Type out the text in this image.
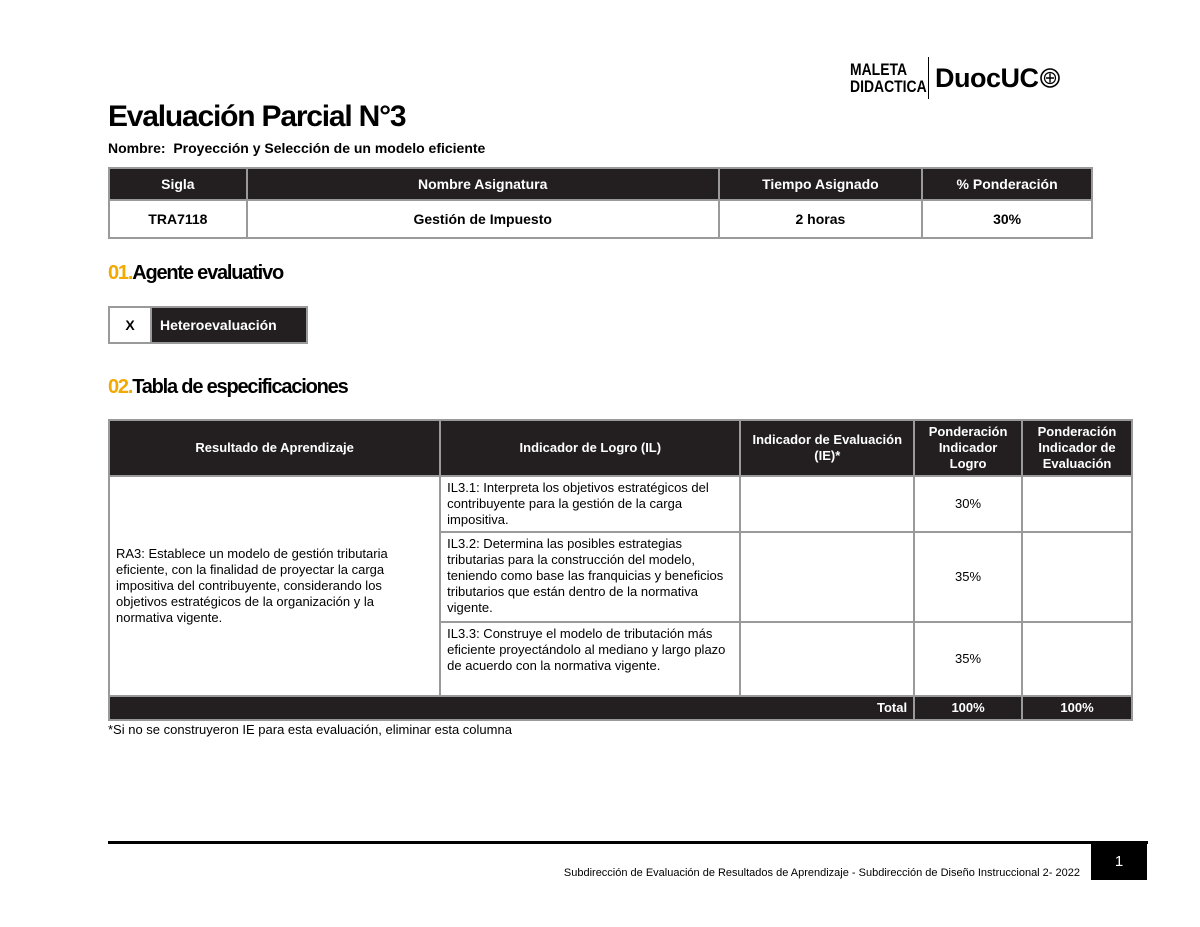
MALETA
DIDACTICA DuocUC
Evaluación Parcial N°3
Nombre: Proyección y Selección de un modelo eficiente
Sigla	Nombre Asignatura	Tiempo Asignado	% Ponderación
TRA7118	Gestión de Impuesto	2 horas	30%
01.Agente evaluativo
X	Heteroevaluación
02.Tabla de especificaciones
Resultado de Aprendizaje	Indicador de Logro (IL)	Indicador de Evaluación (IE)*	Ponderación Indicador Logro	Ponderación Indicador de Evaluación
RA3: Establece un modelo de gestión tributaria eficiente, con la finalidad de proyectar la carga impositiva del contribuyente, considerando los objetivos estratégicos de la organización y la normativa vigente.	IL3.1: Interpreta los objetivos estratégicos del contribuyente para la gestión de la carga impositiva.		30%	
	IL3.2: Determina las posibles estrategias tributarias para la construcción del modelo, teniendo como base las franquicias y beneficios tributarios que están dentro de la normativa vigente.		35%	
	IL3.3: Construye el modelo de tributación más eficiente proyectándolo al mediano y largo plazo de acuerdo con la normativa vigente.		35%	
Total			100%	100%
*Si no se construyeron IE para esta evaluación, eliminar esta columna
Subdirección de Evaluación de Resultados de Aprendizaje - Subdirección de Diseño Instruccional 2- 2022
1
